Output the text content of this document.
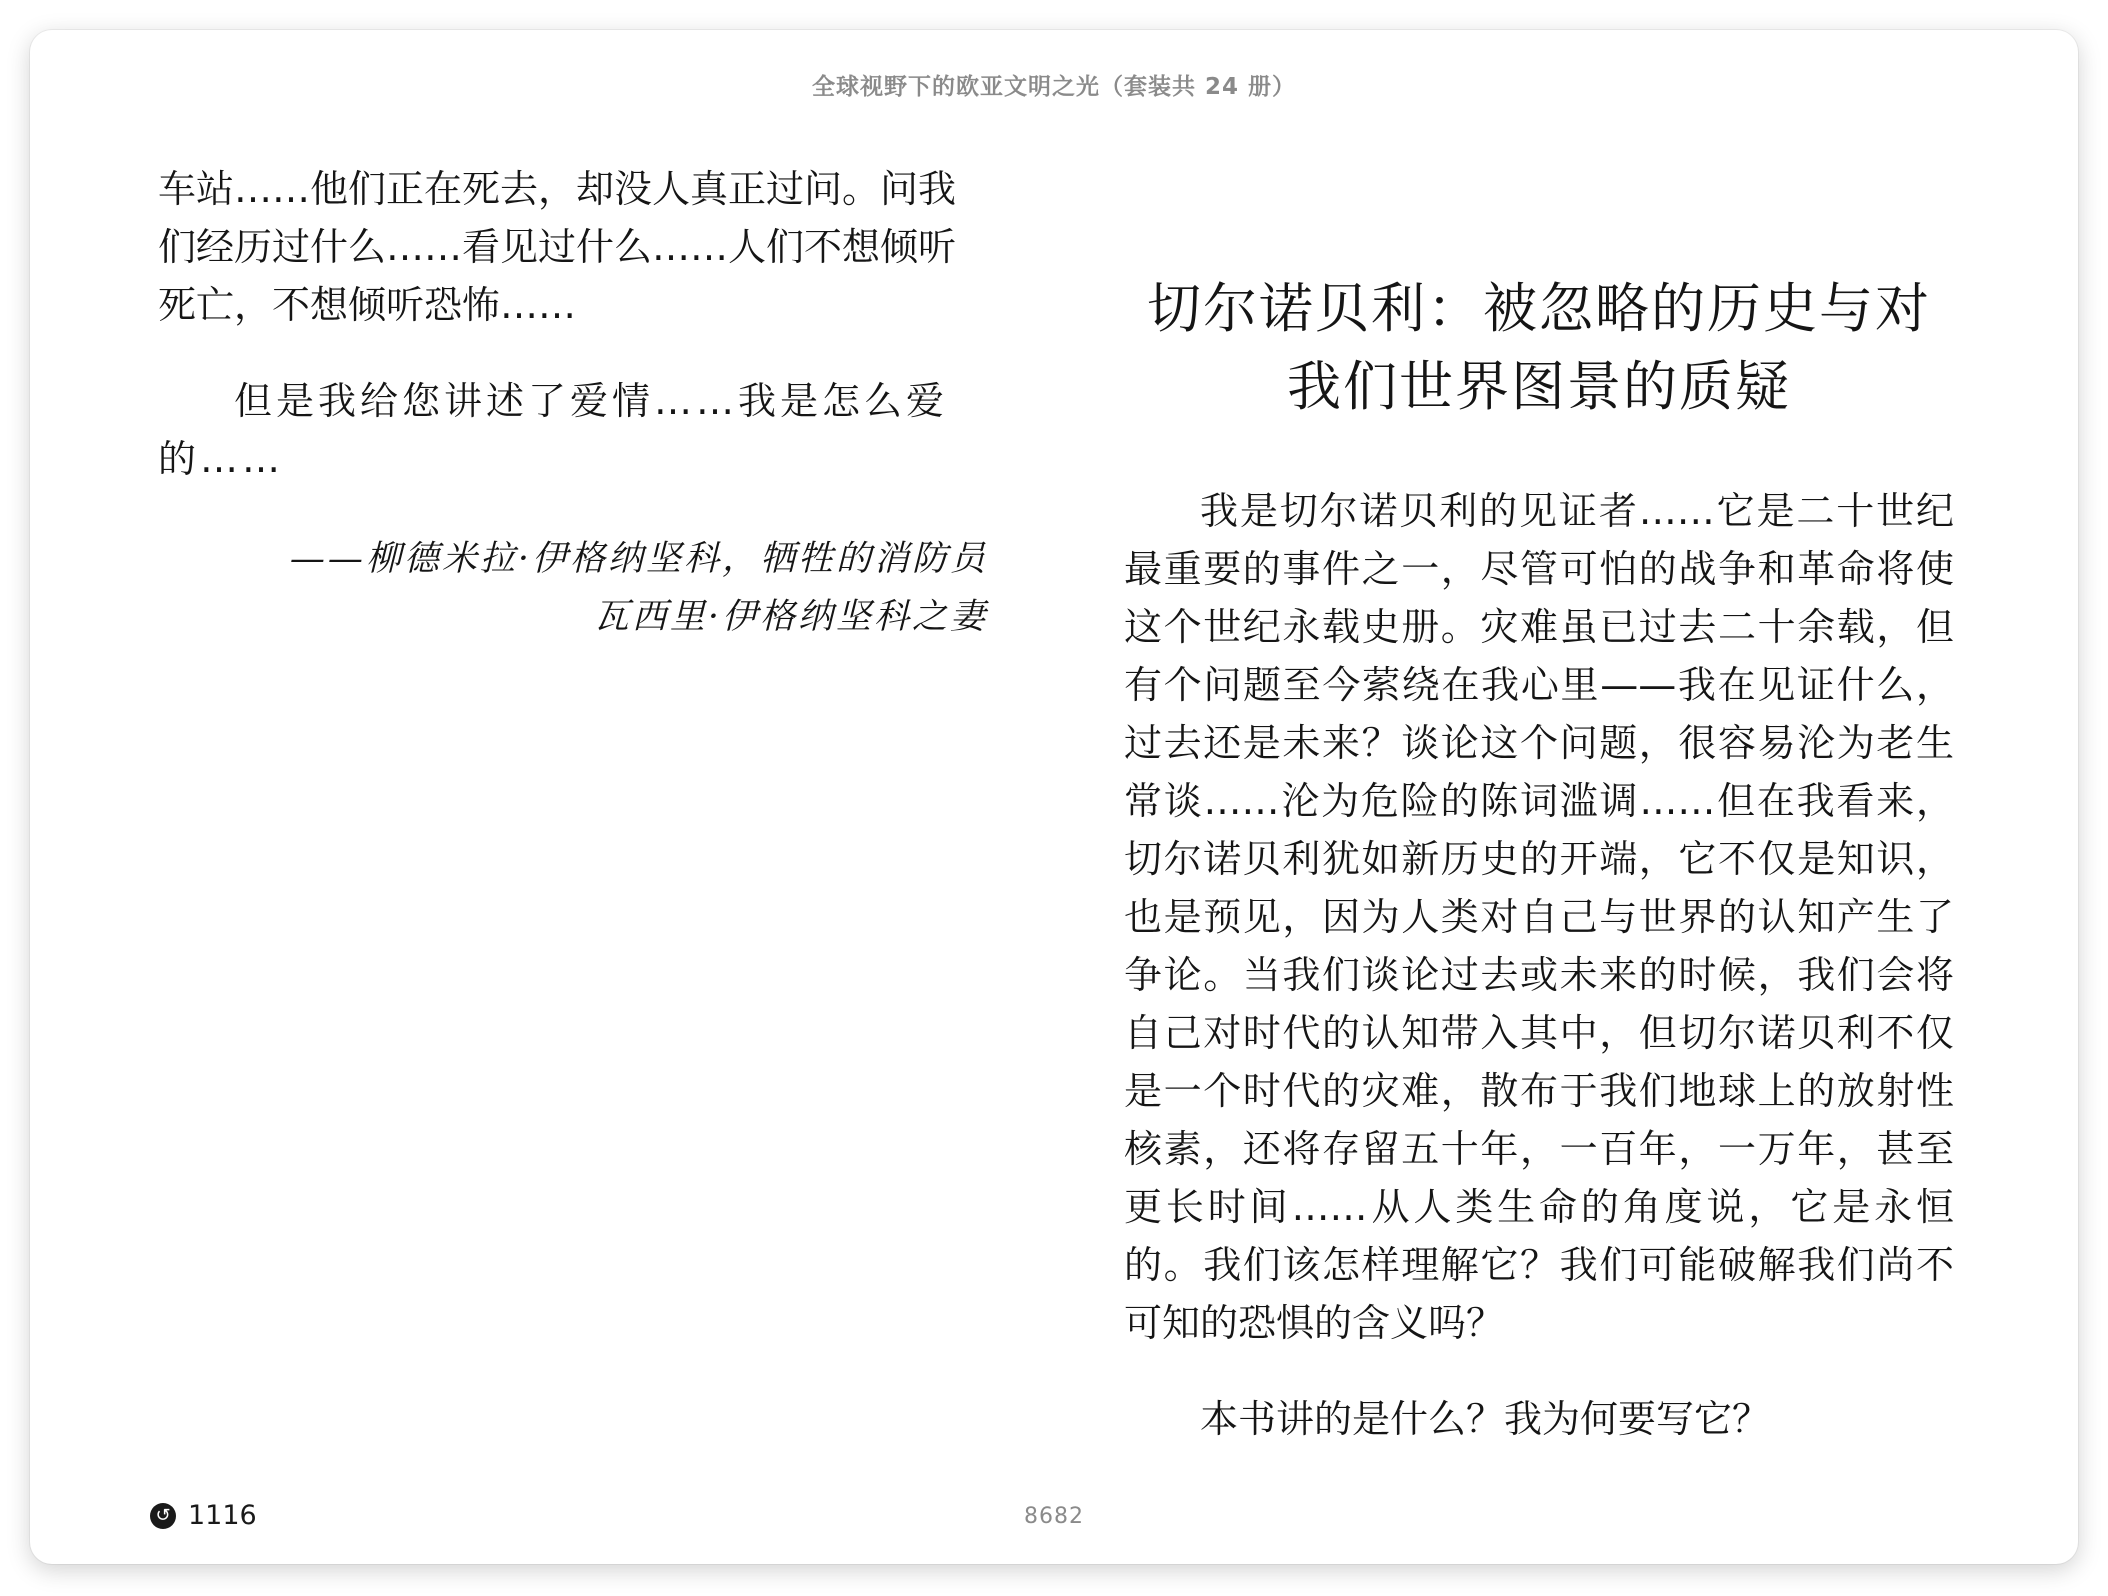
全球视野下的欧亚文明之光（套装共 24 册）

车站……他们正在死去，却没人真正过问。问我们经历过什么……看见过什么……人们不想倾听死亡，不想倾听恐怖……

但是我给您讲述了爱情……我是怎么爱的……

——柳德米拉·伊格纳坚科，牺牲的消防员
瓦西里·伊格纳坚科之妻
切尔诺贝利：被忽略的历史与对我们世界图景的质疑

我是切尔诺贝利的见证者……它是二十世纪最重要的事件之一，尽管可怕的战争和革命将使这个世纪永载史册。灾难虽已过去二十余载，但有个问题至今萦绕在我心里——我在见证什么，过去还是未来？谈论这个问题，很容易沦为老生常谈……沦为危险的陈词滥调……但在我看来，切尔诺贝利犹如新历史的开端，它不仅是知识，也是预见，因为人类对自己与世界的认知产生了争论。当我们谈论过去或未来的时候，我们会将自己对时代的认知带入其中，但切尔诺贝利不仅是一个时代的灾难，散布于我们地球上的放射性核素，还将存留五十年，一百年，一万年，甚至更长时间……从人类生命的角度说，它是永恒的。我们该怎样理解它？我们可能破解我们尚不可知的恐惧的含义吗？

本书讲的是什么？我为何要写它？

↺ 1116	8682
